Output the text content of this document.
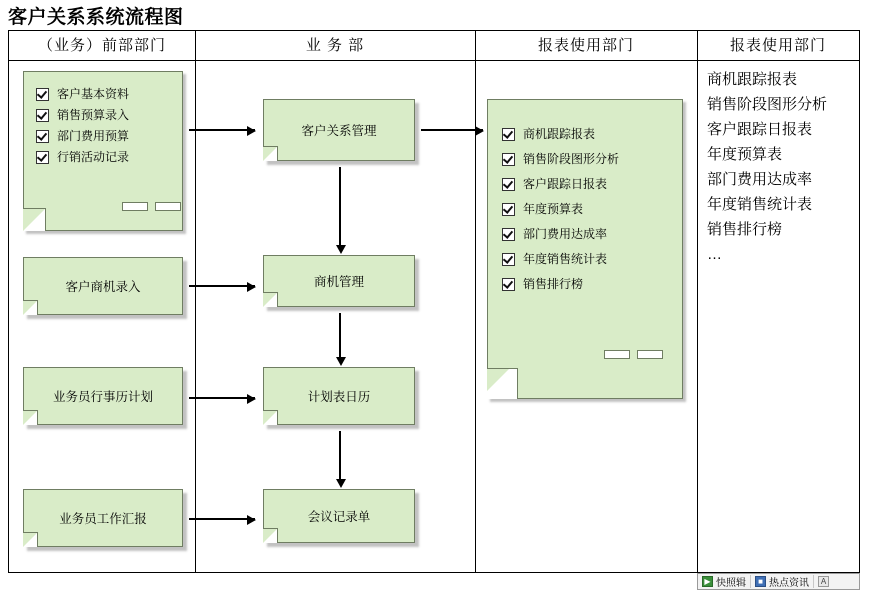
客户关系系统流程图
（业务）前部部门	业 务 部	报表使用部门	报表使用部门
客户基本资料
销售预算录入
部门费用预算
行销活动记录
客户商机录入
业务员行事历计划
业务员工作汇报
客户关系管理
商机管理
计划表日历
会议记录单
商机跟踪报表
销售阶段图形分析
客户跟踪日报表
年度预算表
部门费用达成率
年度销售统计表
销售排行榜
商机跟踪报表
销售阶段图形分析
客户跟踪日报表
年度预算表
部门费用达成率
年度销售统计表
销售排行榜
…
▶ 快照辑	■ 热点资讯	A
